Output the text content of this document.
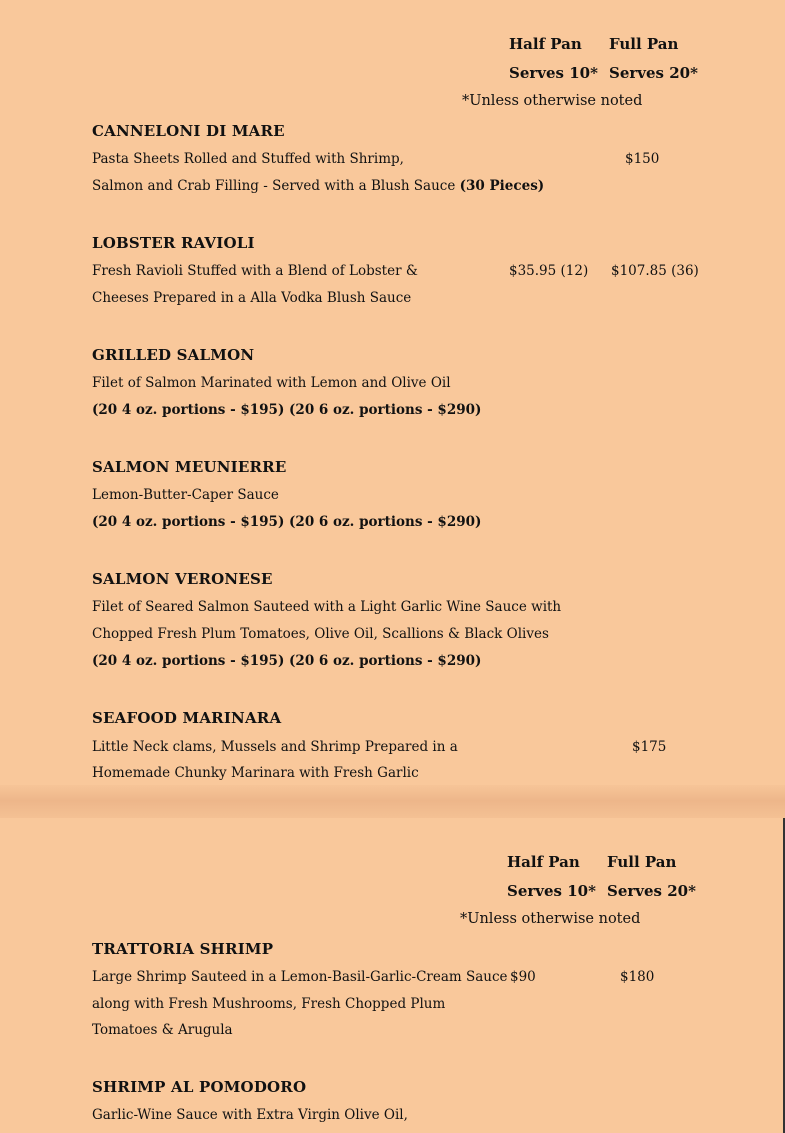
Half Pan Full Pan
Serves 10* Serves 20*
*Unless otherwise noted
CANNELONI DI MARE
Pasta Sheets Rolled and Stuffed with Shrimp,
Salmon and Crab Filling - Served with a Blush Sauce (30 Pieces)
$150
LOBSTER RAVIOLI
Fresh Ravioli Stuffed with a Blend of Lobster &
Cheeses Prepared in a Alla Vodka Blush Sauce
$35.95 (12) $107.85 (36)
GRILLED SALMON
Filet of Salmon Marinated with Lemon and Olive Oil
(20 4 oz. portions - $195) (20 6 oz. portions - $290)
SALMON MEUNIERRE
Lemon-Butter-Caper Sauce
(20 4 oz. portions - $195) (20 6 oz. portions - $290)
SALMON VERONESE
Filet of Seared Salmon Sauteed with a Light Garlic Wine Sauce with
Chopped Fresh Plum Tomatoes, Olive Oil, Scallions & Black Olives
(20 4 oz. portions - $195) (20 6 oz. portions - $290)
SEAFOOD MARINARA
Little Neck clams, Mussels and Shrimp Prepared in a
Homemade Chunky Marinara with Fresh Garlic
$175
Half Pan Full Pan
Serves 10* Serves 20*
*Unless otherwise noted
TRATTORIA SHRIMP
Large Shrimp Sauteed in a Lemon-Basil-Garlic-Cream Sauce
along with Fresh Mushrooms, Fresh Chopped Plum
Tomatoes & Arugula
$90	$180
SHRIMP AL POMODORO
Garlic-Wine Sauce with Extra Virgin Olive Oil,
